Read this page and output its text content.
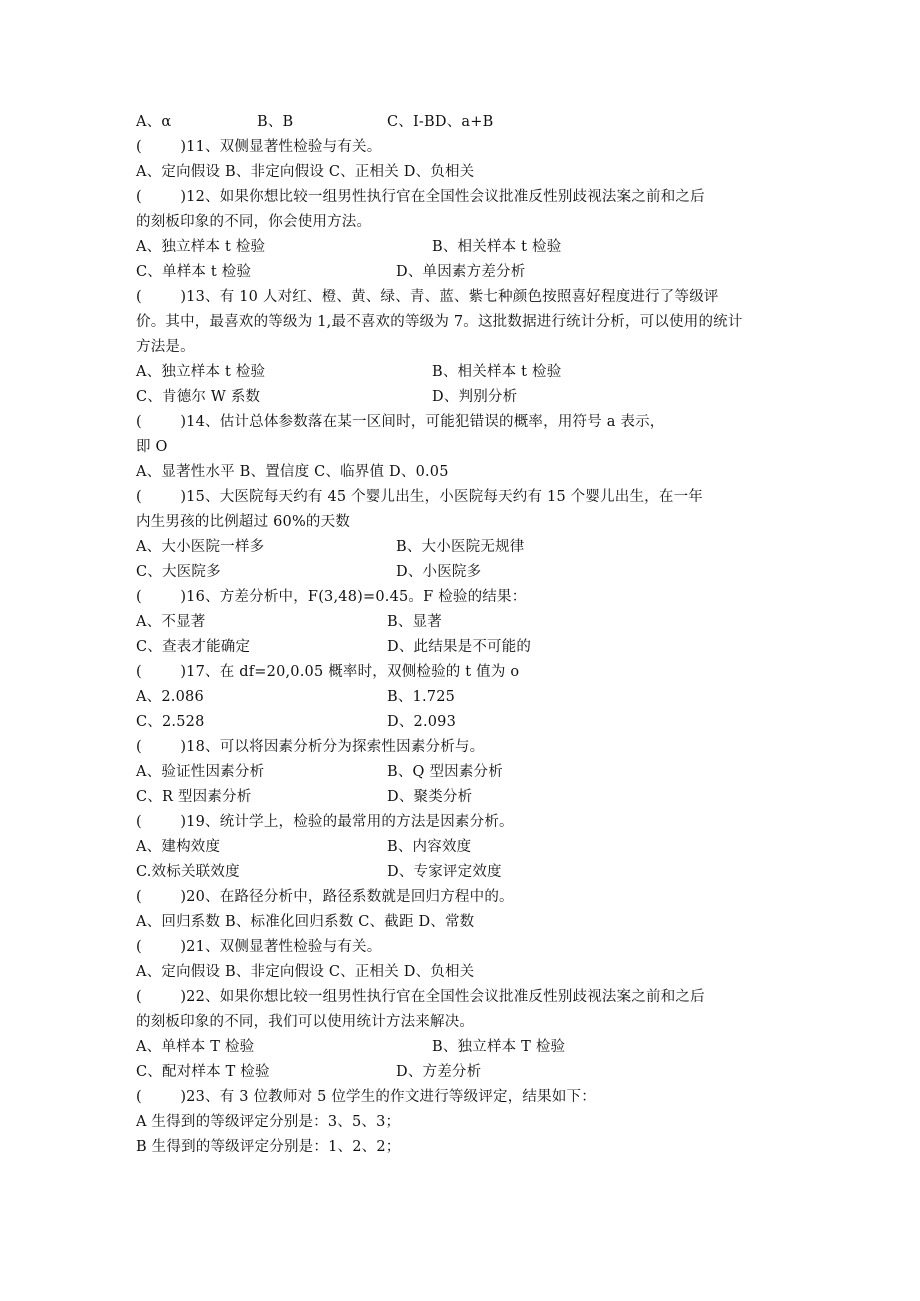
A、α	B、B	C、I-BD、a+B
(        )11、双侧显著性检验与有关。
A、定向假设 B、非定向假设 C、正相关 D、负相关
(        )12、如果你想比较一组男性执行官在全国性会议批准反性别歧视法案之前和之后
的刻板印象的不同，你会使用方法。
A、独立样本 t 检验	B、相关样本 t 检验
C、单样本 t 检验	D、单因素方差分析
(        )13、有 10 人对红、橙、黄、绿、青、蓝、紫七种颜色按照喜好程度进行了等级评
价。其中，最喜欢的等级为 1,最不喜欢的等级为 7。这批数据进行统计分析，可以使用的统计
方法是。
A、独立样本 t 检验	B、相关样本 t 检验
C、肯德尔 W 系数	D、判别分析
(        )14、估计总体参数落在某一区间时，可能犯错误的概率，用符号 a 表示，
即 O
A、显著性水平 B、置信度 C、临界值 D、0.05
(        )15、大医院每天约有 45 个婴儿出生，小医院每天约有 15 个婴儿出生，在一年
内生男孩的比例超过 60%的天数
A、大小医院一样多	B、大小医院无规律
C、大医院多	D、小医院多
(        )16、方差分析中，F(3,48)=0.45。F 检验的结果：
A、不显著	B、显著
C、查表才能确定	D、此结果是不可能的
(        )17、在 df=20,0.05 概率时，双侧检验的 t 值为 o
A、2.086	B、1.725
C、2.528	D、2.093
(        )18、可以将因素分析分为探索性因素分析与。
A、验证性因素分析	B、Q 型因素分析
C、R 型因素分析	D、聚类分析
(        )19、统计学上，检验的最常用的方法是因素分析。
A、建构效度	B、内容效度
C.效标关联效度	D、专家评定效度
(        )20、在路径分析中，路径系数就是回归方程中的。
A、回归系数 B、标准化回归系数 C、截距 D、常数
(        )21、双侧显著性检验与有关。
A、定向假设 B、非定向假设 C、正相关 D、负相关
(        )22、如果你想比较一组男性执行官在全国性会议批准反性别歧视法案之前和之后
的刻板印象的不同，我们可以使用统计方法来解决。
A、单样本 T 检验	B、独立样本 T 检验
C、配对样本 T 检验	D、方差分析
(        )23、有 3 位教师对 5 位学生的作文进行等级评定，结果如下：
A 生得到的等级评定分别是：3、5、3；
B 生得到的等级评定分别是：1、2、2；
